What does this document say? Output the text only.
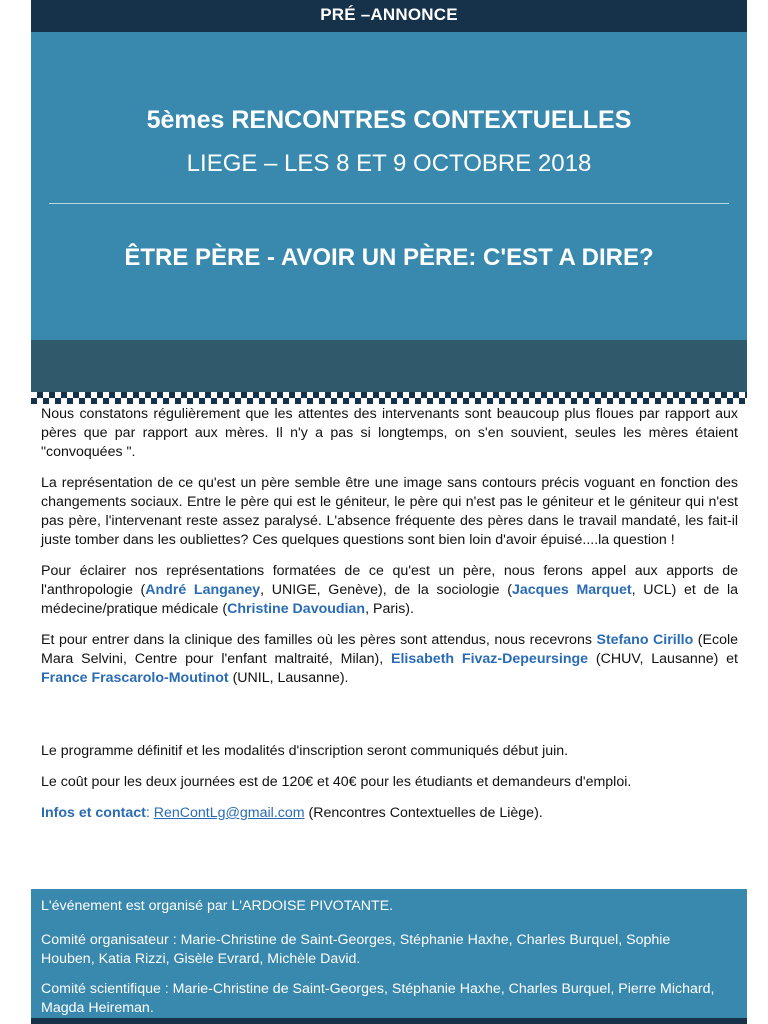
PRÉ –ANNONCE
5èmes RENCONTRES CONTEXTUELLES
LIEGE – LES 8 ET 9 OCTOBRE 2018
ÊTRE PÈRE - AVOIR UN PÈRE: C'EST A DIRE?

Nous constatons régulièrement que les attentes des intervenants sont beaucoup plus floues par rapport aux pères que par rapport aux mères. Il n'y a pas si longtemps, on s'en souvient, seules les mères étaient "convoquées ".

La représentation de ce qu'est un père semble être une image sans contours précis voguant en fonction des changements sociaux. Entre le père qui est le géniteur, le père qui n'est pas le géniteur et le géniteur qui n'est pas père, l'intervenant reste assez paralysé. L'absence fréquente des pères dans le travail mandaté, les fait-il juste tomber dans les oubliettes? Ces quelques questions sont bien loin d'avoir épuisé....la question !

Pour éclairer nos représentations formatées de ce qu'est un père, nous ferons appel aux apports de l'anthropologie (André Langaney, UNIGE, Genève), de la sociologie (Jacques Marquet, UCL) et de la médecine/pratique médicale (Christine Davoudian, Paris).

Et pour entrer dans la clinique des familles où les pères sont attendus, nous recevrons Stefano Cirillo (Ecole Mara Selvini, Centre pour l'enfant maltraité, Milan), Elisabeth Fivaz-Depeursinge (CHUV, Lausanne) et France Frascarolo-Moutinot (UNIL, Lausanne).

Le programme définitif et les modalités d'inscription seront communiqués début juin.

Le coût pour les deux journées est de 120€ et 40€ pour les étudiants et demandeurs d'emploi.

Infos et contact: RenContLg@gmail.com (Rencontres Contextuelles de Liège).

L'événement est organisé par L'ARDOISE PIVOTANTE.

Comité organisateur : Marie-Christine de Saint-Georges, Stéphanie Haxhe, Charles Burquel, Sophie Houben, Katia Rizzi, Gisèle Evrard, Michèle David.

Comité scientifique : Marie-Christine de Saint-Georges, Stéphanie Haxhe, Charles Burquel, Pierre Michard, Magda Heireman.
